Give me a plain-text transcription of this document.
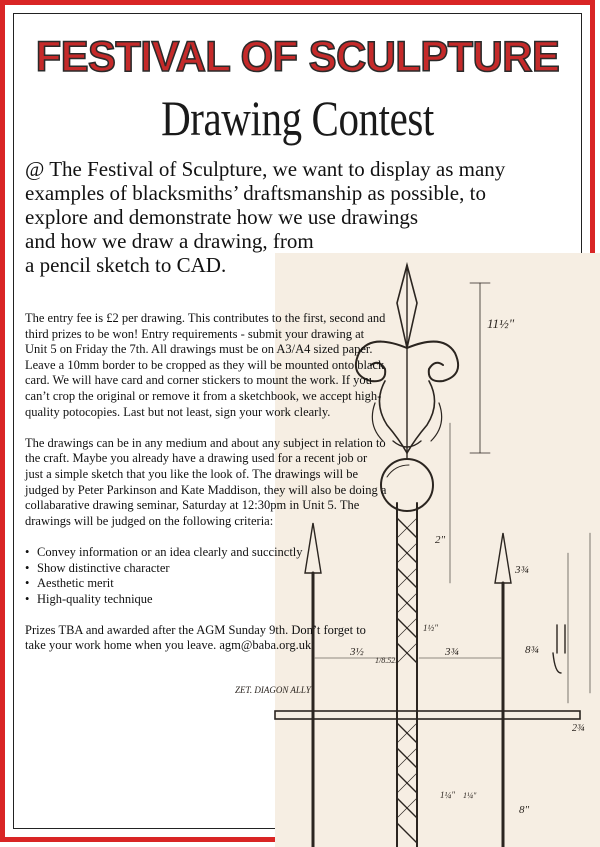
FESTIVAL OF SCULPTURE
Drawing Contest
@ The Festival of Sculpture, we want to display as many
examples of blacksmiths’ draftsmanship as possible, to
explore and demonstrate how we use drawings
and how we draw a drawing, from
a pencil sketch to CAD.
11½"
1½"
2"
3¾
3½	3¾	8¾
1¼"
ZET. DIAGON ALLY
1/8.52.
2¾
1¼"
8"

The entry fee is £2 per drawing. This contributes to the first, second and third prizes to be won! Entry requirements - submit your drawing at Unit 5 on Friday the 7th. All drawings must be on A3/A4 sized paper. Leave a 10mm border to be cropped as they will be mounted onto black card. We will have card and corner stickers to mount the work. If you can’t crop the original or remove it from a sketchbook, we accept high-quality potocopies. Last but not least, sign your work clearly.

The drawings can be in any medium and about any subject in relation to the craft. Maybe you already have a drawing used for a recent job or just a simple sketch that you like the look of. The drawings will be judged by Peter Parkinson and Kate Maddison, they will also be doing a collabarative drawing seminar, Saturday at 12:30pm in Unit 5. The drawings will be judged on the following criteria:

• Convey information or an idea clearly and succinctly
• Show distinctive character
• Aesthetic merit
• High-quality technique

Prizes TBA and awarded after the AGM Sunday 9th. Don’t forget to take your work home when you leave. agm@baba.org.uk
